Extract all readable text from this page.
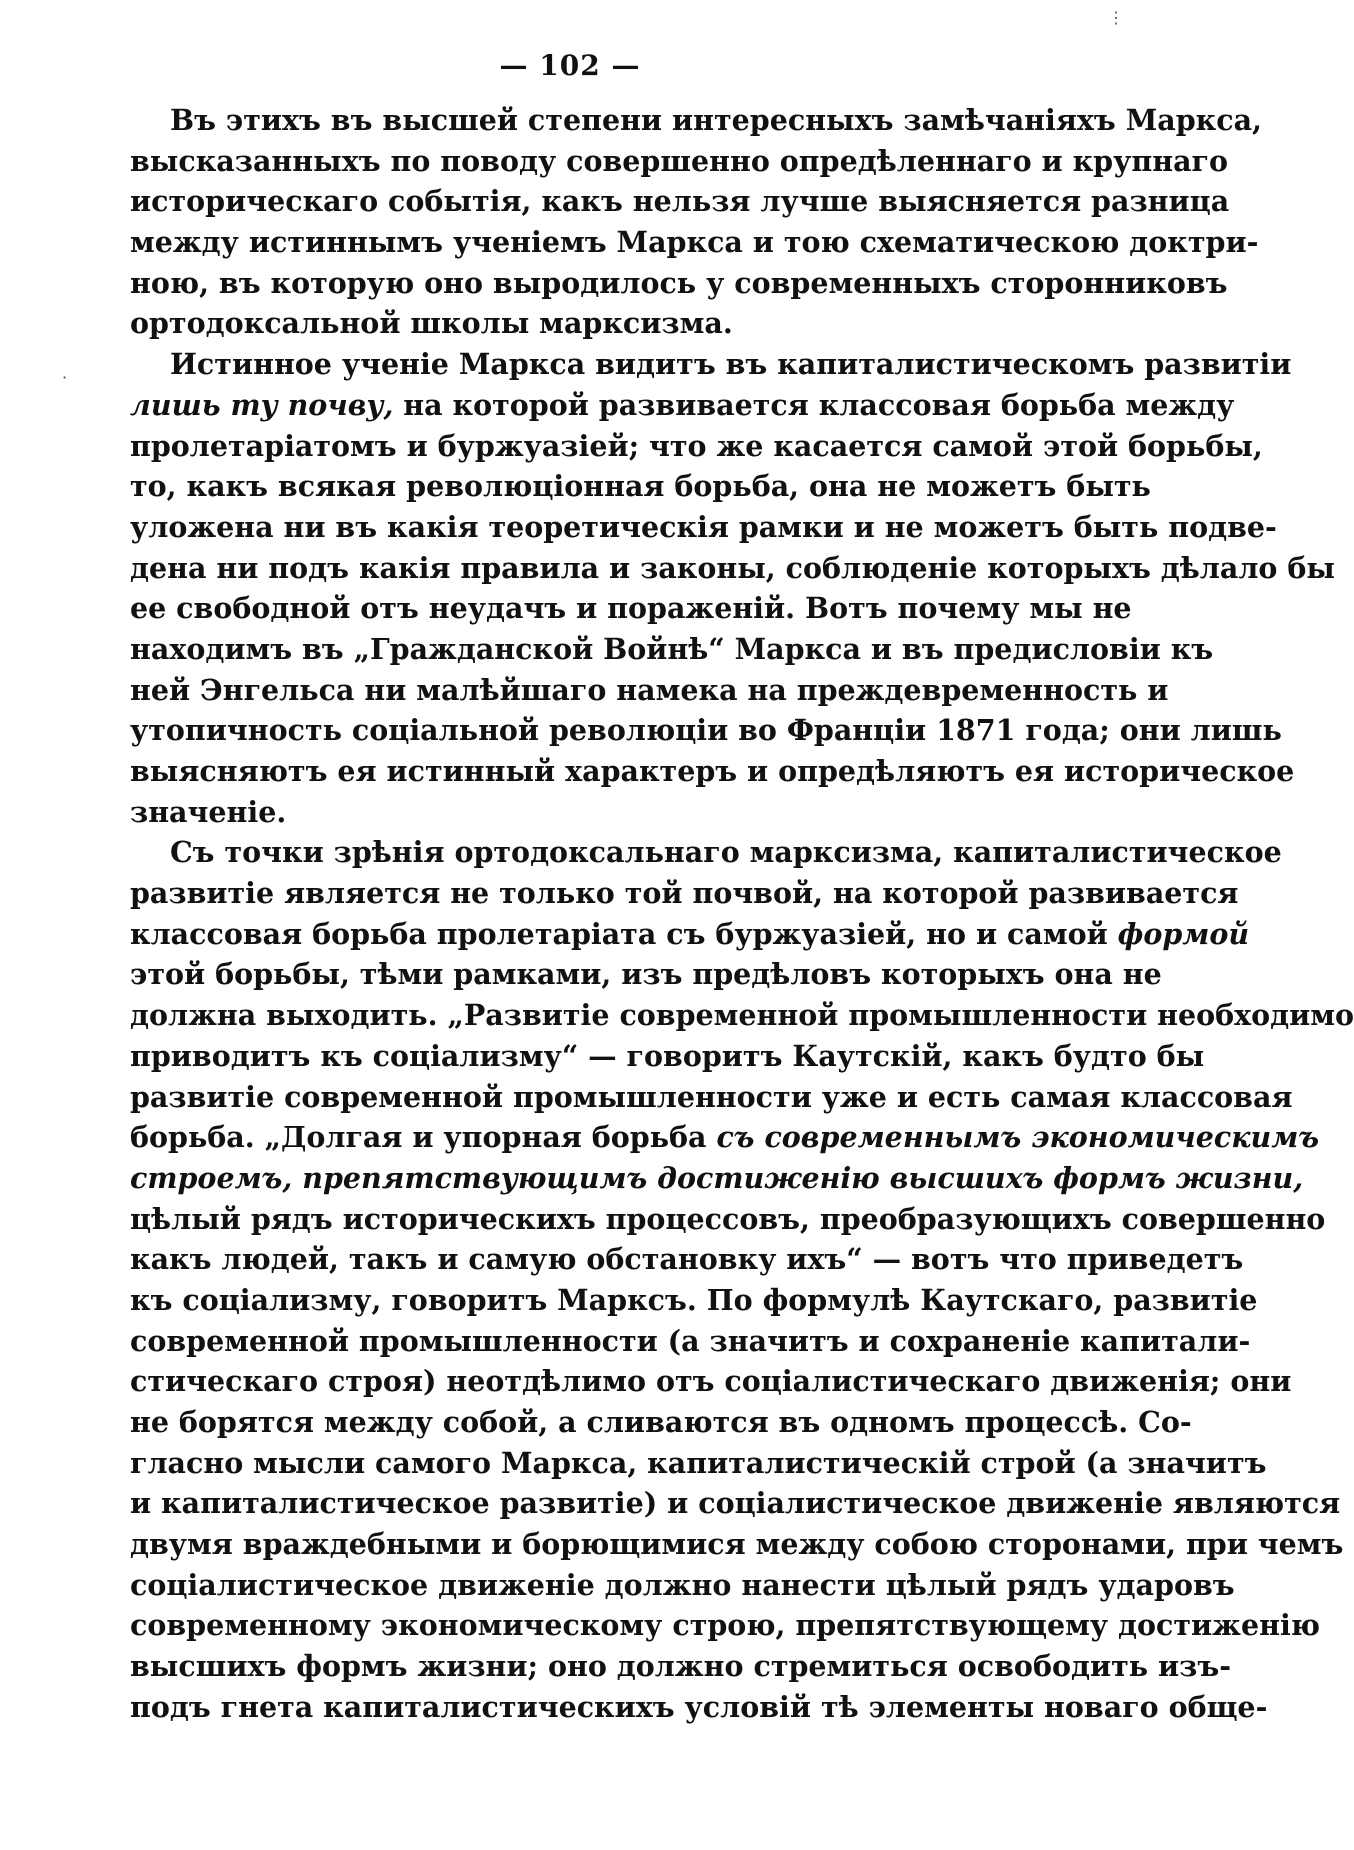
— 102 —
Въ этихъ въ высшей степени интересныхъ замѣчаніяхъ Маркса,
высказанныхъ по поводу совершенно опредѣленнаго и крупнаго
историческаго событія, какъ нельзя лучше выясняется разница
между истиннымъ ученіемъ Маркса и тою схематическою доктри-
ною, въ которую оно выродилось у современныхъ сторонниковъ
ортодоксальной школы марксизма.
Истинное ученіе Маркса видитъ въ капиталистическомъ развитіи
лишь ту почву, на которой развивается классовая борьба между
пролетаріатомъ и буржуазіей; что же касается самой этой борьбы,
то, какъ всякая революціонная борьба, она не можетъ быть
уложена ни въ какія теоретическія рамки и не можетъ быть подве-
дена ни подъ какія правила и законы, соблюденіе которыхъ дѣлало бы
ее свободной отъ неудачъ и пораженій. Вотъ почему мы не
находимъ въ „Гражданской Войнѣ“ Маркса и въ предисловіи къ
ней Энгельса ни малѣйшаго намека на преждевременность и
утопичность соціальной революціи во Франціи 1871 года; они лишь
выясняютъ ея истинный характеръ и опредѣляютъ ея историческое
значеніе.
Съ точки зрѣнія ортодоксальнаго марксизма, капиталистическое
развитіе является не только той почвой, на которой развивается
классовая борьба пролетаріата съ буржуазіей, но и самой формой
этой борьбы, тѣми рамками, изъ предѣловъ которыхъ она не
должна выходить. „Развитіе современной промышленности необходимо
приводитъ къ соціализму“ — говоритъ Каутскій, какъ будто бы
развитіе современной промышленности уже и есть самая классовая
борьба. „Долгая и упорная борьба съ современнымъ экономическимъ
строемъ, препятствующимъ достиженію высшихъ формъ жизни,
цѣлый рядъ историческихъ процессовъ, преобразующихъ совершенно
какъ людей, такъ и самую обстановку ихъ“ — вотъ что приведетъ
къ соціализму, говоритъ Марксъ. По формулѣ Каутскаго, развитіе
современной промышленности (а значитъ и сохраненіе капитали-
стическаго строя) неотдѣлимо отъ соціалистическаго движенія; они
не борятся между собой, а сливаются въ одномъ процессѣ. Со-
гласно мысли самого Маркса, капиталистическій строй (а значитъ
и капиталистическое развитіе) и соціалистическое движеніе являются
двумя враждебными и борющимися между собою сторонами, при чемъ
соціалистическое движеніе должно нанести цѣлый рядъ ударовъ
современному экономическому строю, препятствующему достиженію
высшихъ формъ жизни; оно должно стремиться освободить изъ-
подъ гнета капиталистическихъ условій тѣ элементы новаго обще-
⋮
·
